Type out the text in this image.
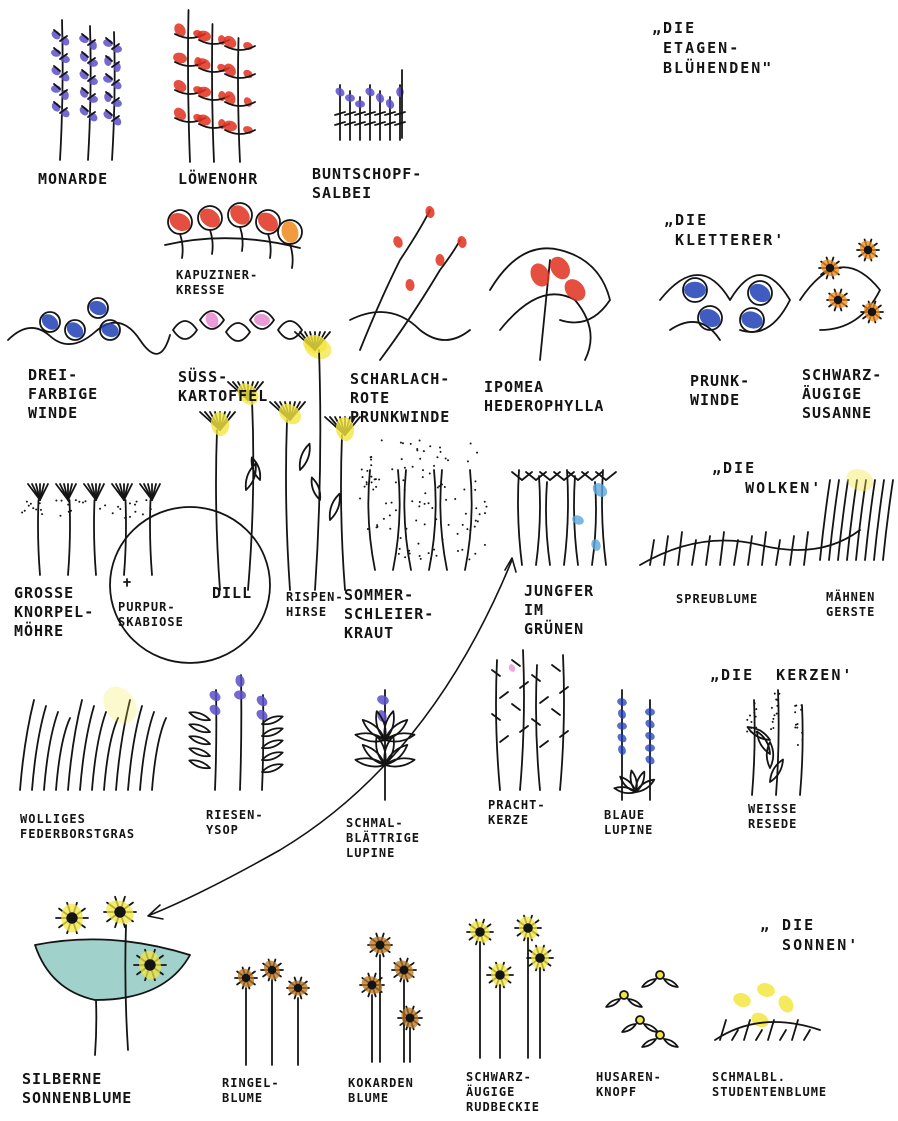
„DIE
ETAGEN-
BLÜHENDEN"
„DIE
KLETTERER'
„DIE
WOLKEN'
„DIE  KERZEN'
„ DIE
SONNEN'
MONARDE	LÖWENOHR	BUNTSCHOPF-
SALBEI
KAPUZINER-
KRESSE
DREI-
FARBIGE
WINDE
SÜSS-
KARTOFFEL
SCHARLACH-
ROTE
PRUNKWINDE
IPOMEA
HEDEROPHYLLA
PRUNK-
WINDE
SCHWARZ-
ÄUGIGE
SUSANNE
GROSSE
KNORPEL-
MÖHRE
PURPUR-
SKABIOSE
DILL	RISPEN-
HIRSE
SOMMER-
SCHLEIER-
KRAUT
JUNGFER
IM
GRÜNEN
SPREUBLUME	MÄHNEN
GERSTE
WOLLIGES
FEDERBORSTGRAS
RIESEN-
YSOP	SCHMAL-
BLÄTTRIGE
LUPINE
PRACHT-
KERZE	BLAUE
LUPINE
WEISSE
RESEDE
SILBERNE
SONNENBLUME
RINGEL-
BLUME
KOKARDEN
BLUME
SCHWARZ-
ÄUGIGE
RUDBECKIE
HUSAREN-
KNOPF
SCHMALBL.
STUDENTENBLUME
